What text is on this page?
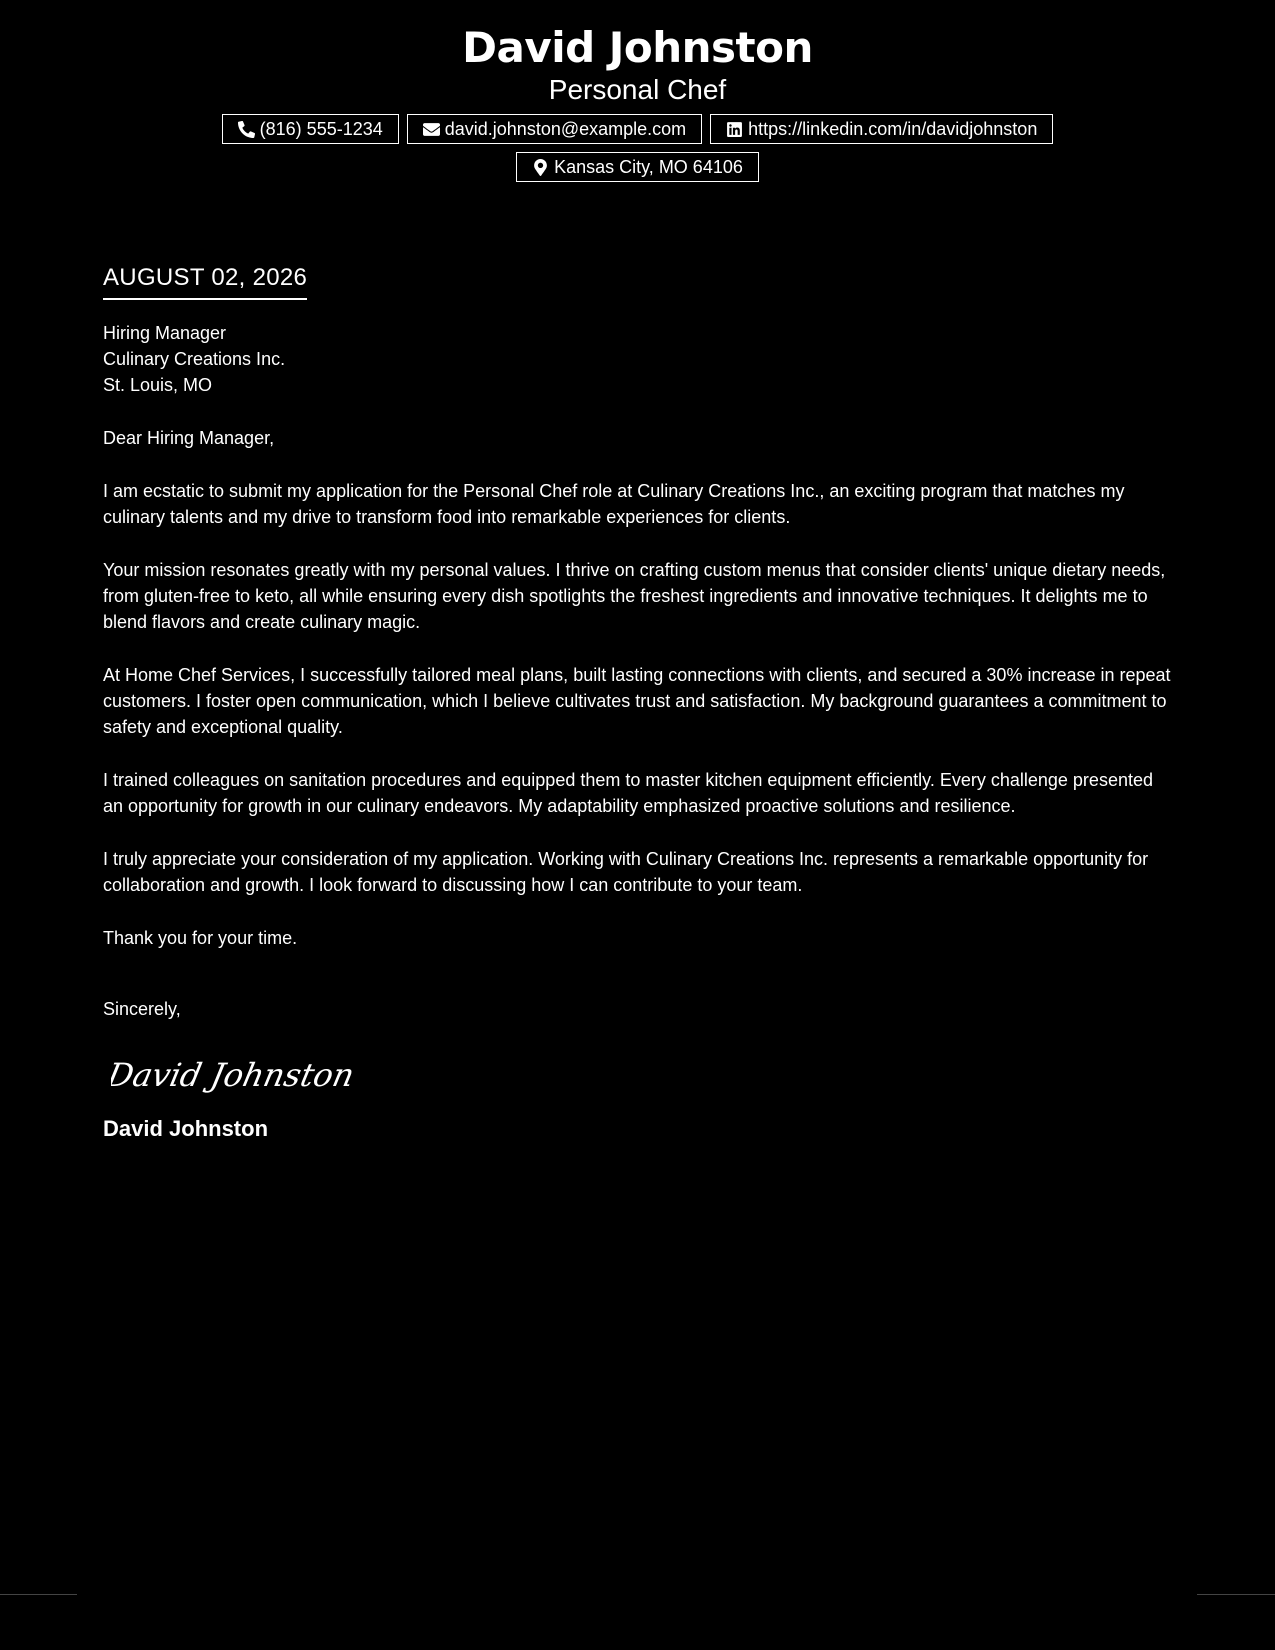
David Johnston
Personal Chef
(816) 555-1234	david.johnston@example.com	https://linkedin.com/in/davidjohnston
Kansas City, MO 64106
AUGUST 02, 2026
Hiring Manager
Culinary Creations Inc.
St. Louis, MO
Dear Hiring Manager,

I am ecstatic to submit my application for the Personal Chef role at Culinary Creations Inc., an exciting program that matches my culinary talents and my drive to transform food into remarkable experiences for clients.

Your mission resonates greatly with my personal values. I thrive on crafting custom menus that consider clients' unique dietary needs, from gluten-free to keto, all while ensuring every dish spotlights the freshest ingredients and innovative techniques. It delights me to blend flavors and create culinary magic.

At Home Chef Services, I successfully tailored meal plans, built lasting connections with clients, and secured a 30% increase in repeat customers. I foster open communication, which I believe cultivates trust and satisfaction. My background guarantees a commitment to safety and exceptional quality.

I trained colleagues on sanitation procedures and equipped them to master kitchen equipment efficiently. Every challenge presented an opportunity for growth in our culinary endeavors. My adaptability emphasized proactive solutions and resilience.

I truly appreciate your consideration of my application. Working with Culinary Creations Inc. represents a remarkable opportunity for collaboration and growth. I look forward to discussing how I can contribute to your team.

Thank you for your time.

Sincerely,
David Johnston
David Johnston
